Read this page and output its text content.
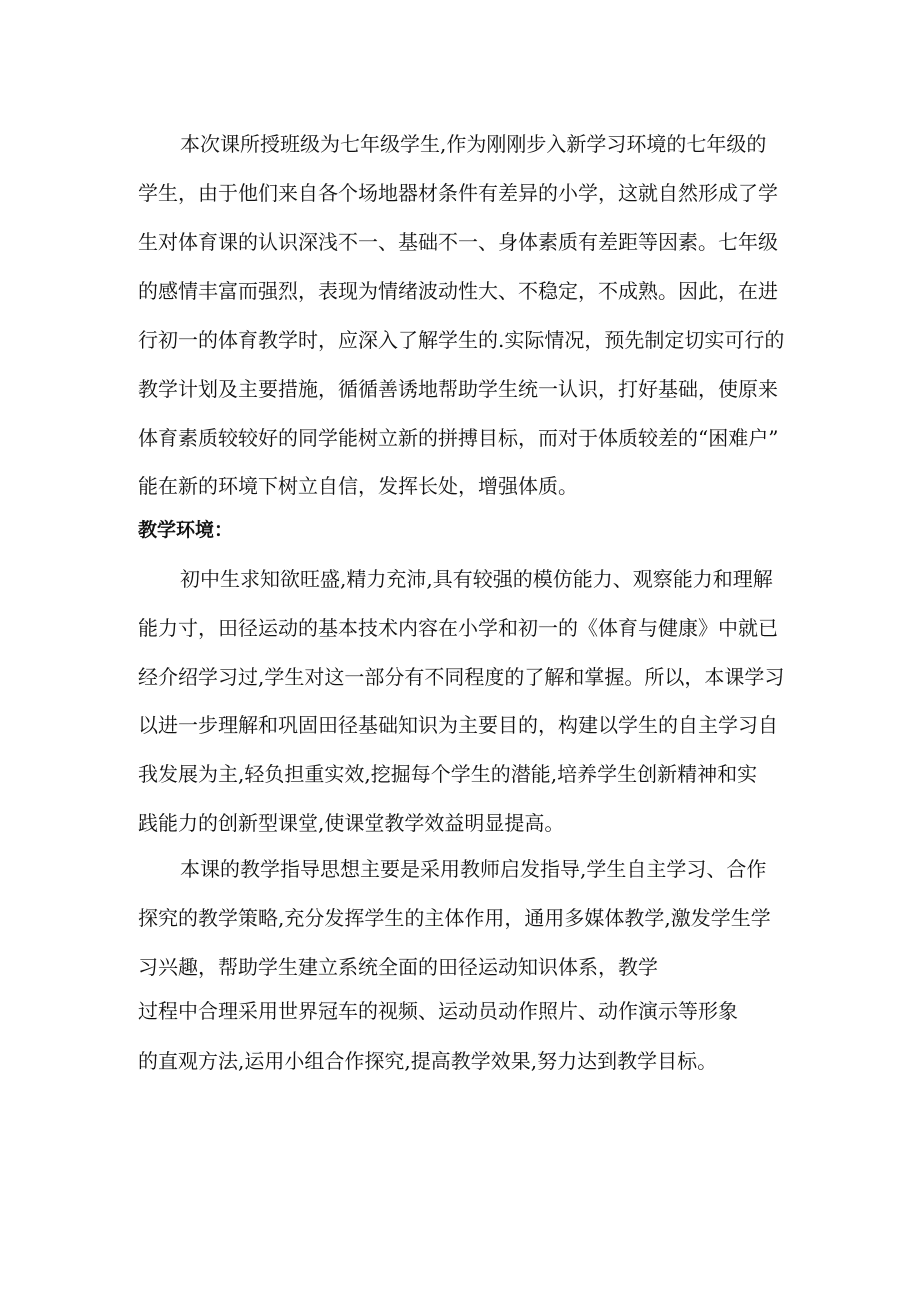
本次课所授班级为七年级学生,作为刚刚步入新学习环境的七年级的
学生，由于他们来自各个场地器材条件有差异的小学，这就自然形成了学
生对体育课的认识深浅不一、基础不一、身体素质有差距等因素。七年级
的感情丰富而强烈，表现为情绪波动性大、不稳定，不成熟。因此，在进
行初一的体育教学时，应深入了解学生的.实际情况，预先制定切实可行的
教学计划及主要措施，循循善诱地帮助学生统一认识，打好基础，使原来
体育素质较较好的同学能树立新的拼搏目标，而对于体质较差的“困难户”
能在新的环境下树立自信，发挥长处，增强体质。
教学环境：
初中生求知欲旺盛,精力充沛,具有较强的模仿能力、观察能力和理解
能力寸，田径运动的基本技术内容在小学和初一的《体育与健康》中就已
经介绍学习过,学生对这一部分有不同程度的了解和掌握。所以，本课学习
以进一步理解和巩固田径基础知识为主要目的，构建以学生的自主学习自
我发展为主,轻负担重实效,挖掘每个学生的潜能,培养学生创新精神和实
践能力的创新型课堂,使课堂教学效益明显提高。
本课的教学指导思想主要是采用教师启发指导,学生自主学习、合作
探究的教学策略,充分发挥学生的主体作用，通用多媒体教学,激发学生学
习兴趣，帮助学生建立系统全面的田径运动知识体系，教学
过程中合理采用世界冠车的视频、运动员动作照片、动作演示等形象
的直观方法,运用小组合作探究,提高教学效果,努力达到教学目标。
